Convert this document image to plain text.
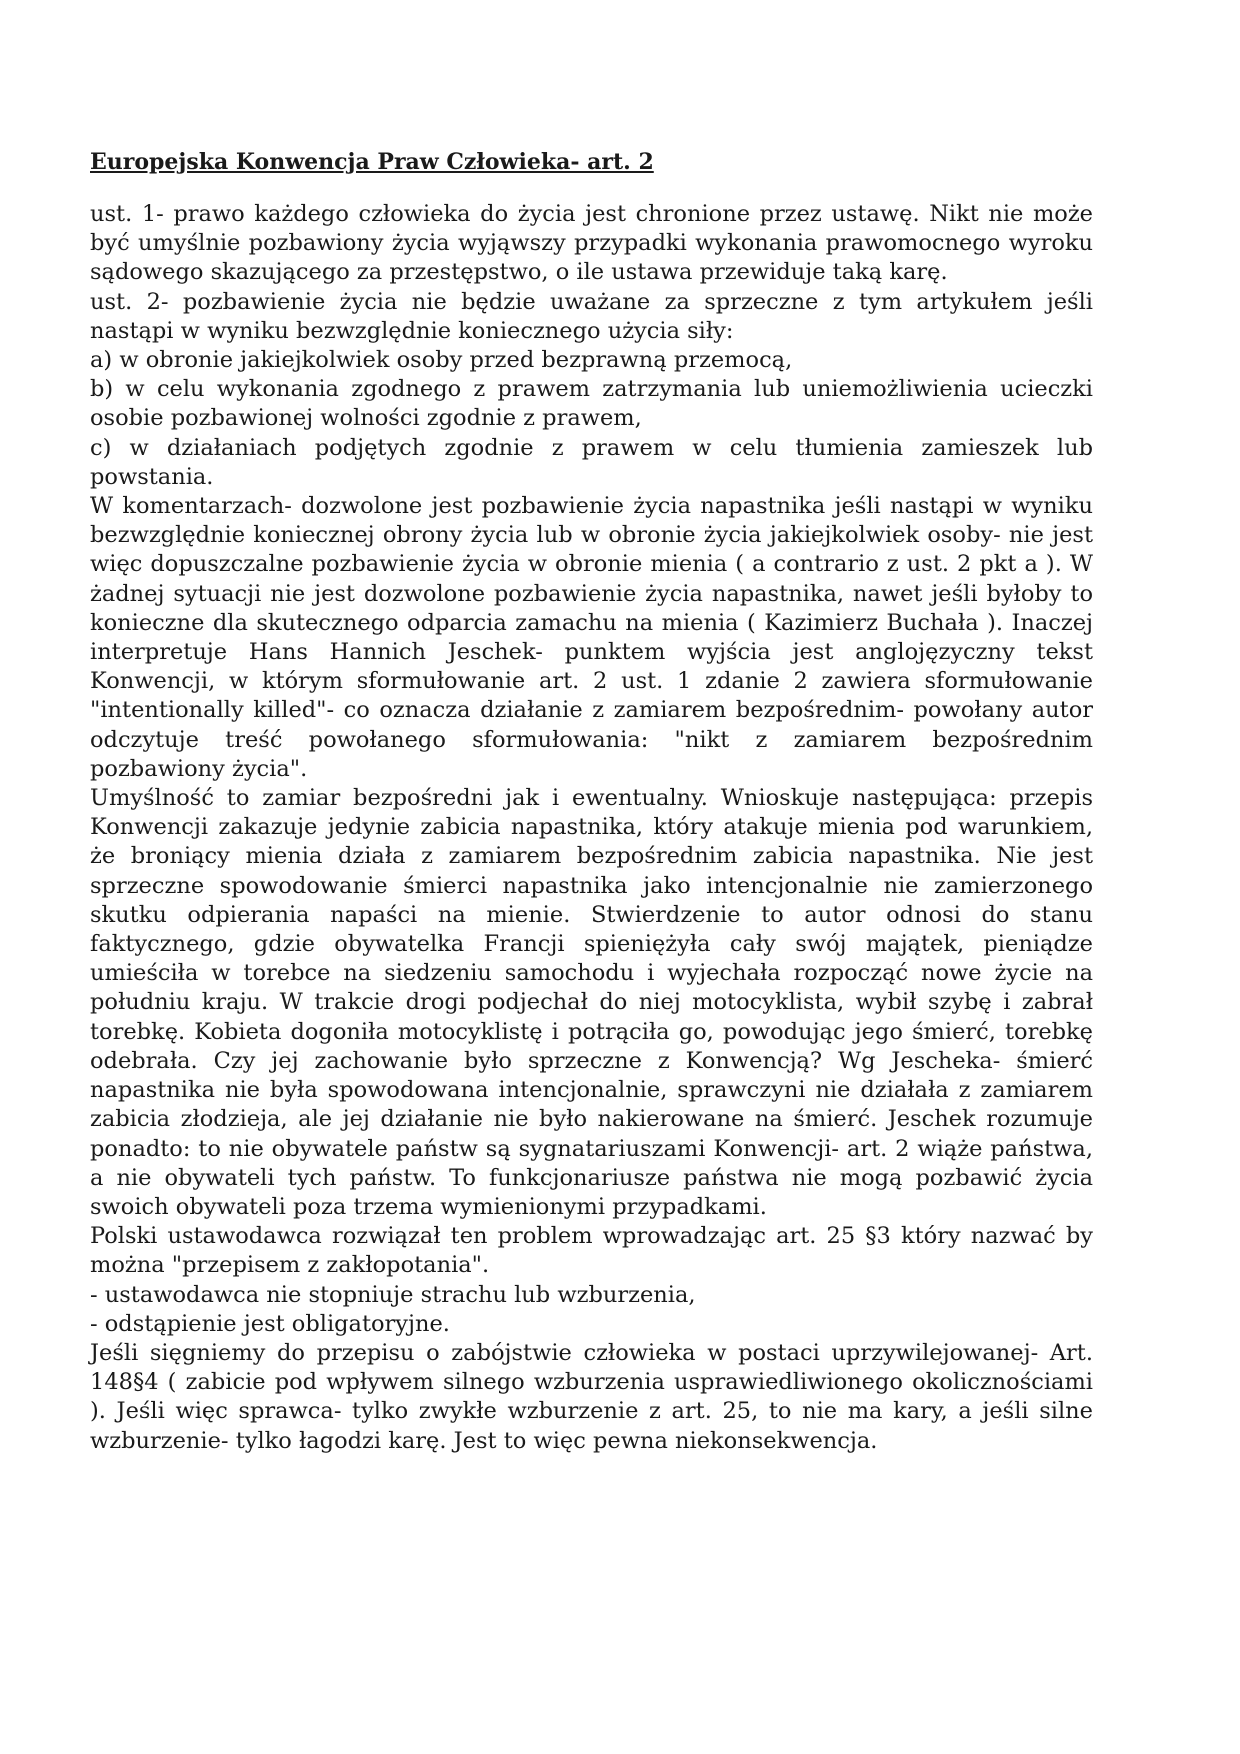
Europejska Konwencja Praw Człowieka- art. 2

ust. 1- prawo każdego człowieka do życia jest chronione przez ustawę. Nikt nie może być umyślnie pozbawiony życia wyjąwszy przypadki wykonania prawomocnego wyroku sądowego skazującego za przestępstwo, o ile ustawa przewiduje taką karę.

ust. 2- pozbawienie życia nie będzie uważane za sprzeczne z tym artykułem jeśli nastąpi w wyniku bezwzględnie koniecznego użycia siły:

a) w obronie jakiejkolwiek osoby przed bezprawną przemocą,

b) w celu wykonania zgodnego z prawem zatrzymania lub uniemożliwienia ucieczki osobie pozbawionej wolności zgodnie z prawem,

c) w działaniach podjętych zgodnie z prawem w celu tłumienia zamieszek lub powstania.

W komentarzach- dozwolone jest pozbawienie życia napastnika jeśli nastąpi w wyniku bezwzględnie koniecznej obrony życia lub w obronie życia jakiejkolwiek osoby- nie jest więc dopuszczalne pozbawienie życia w obronie mienia ( a contrario z ust. 2 pkt a ). W żadnej sytuacji nie jest dozwolone pozbawienie życia napastnika, nawet jeśli byłoby to konieczne dla skutecznego odparcia zamachu na mienia ( Kazimierz Buchała ). Inaczej interpretuje Hans Hannich Jeschek- punktem wyjścia jest anglojęzyczny tekst Konwencji, w którym sformułowanie art. 2 ust. 1 zdanie 2 zawiera sformułowanie "intentionally killed"- co oznacza działanie z zamiarem bezpośrednim- powołany autor odczytuje treść powołanego sformułowania: "nikt z zamiarem bezpośrednim pozbawiony życia".

Umyślność to zamiar bezpośredni jak i ewentualny. Wnioskuje następująca: przepis Konwencji zakazuje jedynie zabicia napastnika, który atakuje mienia pod warunkiem, że broniący mienia działa z zamiarem bezpośrednim zabicia napastnika. Nie jest sprzeczne spowodowanie śmierci napastnika jako intencjonalnie nie zamierzonego skutku odpierania napaści na mienie. Stwierdzenie to autor odnosi do stanu faktycznego, gdzie obywatelka Francji spieniężyła cały swój majątek, pieniądze umieściła w torebce na siedzeniu samochodu i wyjechała rozpocząć nowe życie na południu kraju. W trakcie drogi podjechał do niej motocyklista, wybił szybę i zabrał torebkę. Kobieta dogoniła motocyklistę i potrąciła go, powodując jego śmierć, torebkę odebrała. Czy jej zachowanie było sprzeczne z Konwencją? Wg Jescheka- śmierć napastnika nie była spowodowana intencjonalnie, sprawczyni nie działała z zamiarem zabicia złodzieja, ale jej działanie nie było nakierowane na śmierć. Jeschek rozumuje ponadto: to nie obywatele państw są sygnatariuszami Konwencji- art. 2 wiąże państwa, a nie obywateli tych państw. To funkcjonariusze państwa nie mogą pozbawić życia swoich obywateli poza trzema wymienionymi przypadkami.

Polski ustawodawca rozwiązał ten problem wprowadzając art. 25 §3 który nazwać by można "przepisem z zakłopotania".

- ustawodawca nie stopniuje strachu lub wzburzenia,

- odstąpienie jest obligatoryjne.

Jeśli sięgniemy do przepisu o zabójstwie człowieka w postaci uprzywilejowanej- Art. 148§4 ( zabicie pod wpływem silnego wzburzenia usprawiedliwionego okolicznościami ). Jeśli więc sprawca- tylko zwykłe wzburzenie z art. 25, to nie ma kary, a jeśli silne wzburzenie- tylko łagodzi karę. Jest to więc pewna niekonsekwencja.
